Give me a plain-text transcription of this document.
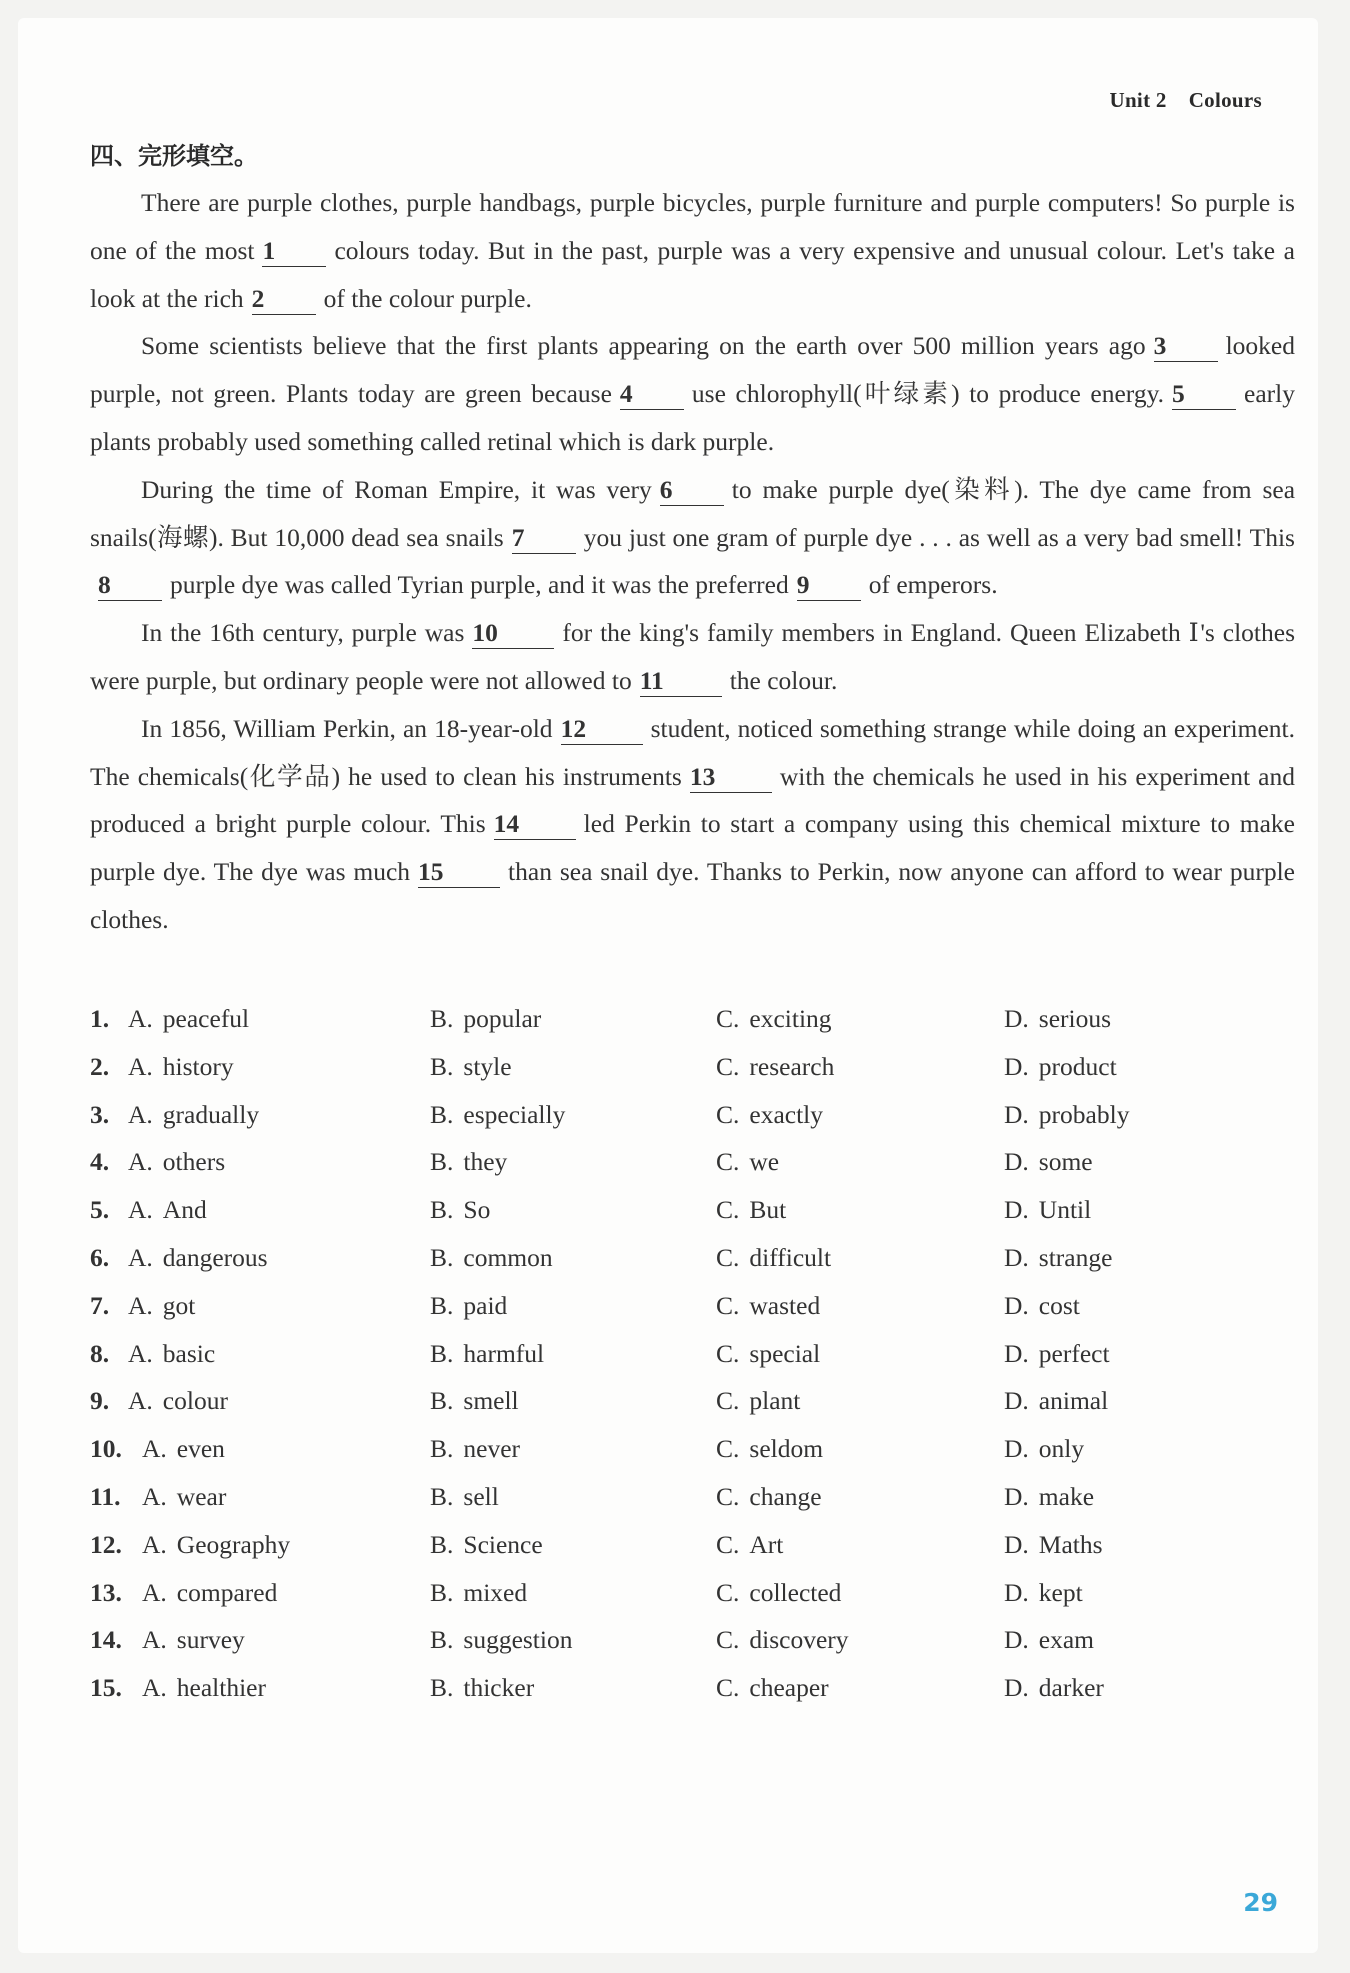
Unit 2 Colours
四、完形填空。

There are purple clothes, purple handbags, purple bicycles, purple furniture and purple computers! So purple is one of the most 1 colours today. But in the past, purple was a very expensive and unusual colour. Let's take a look at the rich 2 of the colour purple.

Some scientists believe that the first plants appearing on the earth over 500 million years ago 3 looked purple, not green. Plants today are green because 4 use chlorophyll(叶绿素) to produce energy. 5 early plants probably used something called retinal which is dark purple.

During the time of Roman Empire, it was very 6 to make purple dye(染料). The dye came from sea snails(海螺). But 10,000 dead sea snails 7 you just one gram of purple dye . . . as well as a very bad smell! This8 purple dye was called Tyrian purple, and it was the preferred 9 of emperors.

In the 16th century, purple was 10	for the king's family members in England. Queen Elizabeth Ⅰ's clothes were purple, but ordinary people were not allowed to 11	the colour.

In 1856, William Perkin, an 18-year-old 12	student, noticed something strange while doing an experiment. The chemicals(化学品) he used to clean his instruments 13	with the chemicals he used in his experiment and produced a bright purple colour. This 14	led Perkin to start a company using this chemical mixture to make purple dye. The dye was much 15	than sea snail dye. Thanks to Perkin, now anyone can afford to wear purple clothes.

1. A. peaceful	B. popular	C. exciting	D. serious
2. A. history	B. style	C. research	D. product
3. A. gradually	B. especially	C. exactly	D. probably
4. A. others	B. they	C. we	D. some
5. A. And	B. So	C. But	D. Until
6. A. dangerous	B. common	C. difficult	D. strange
7. A. got	B. paid	C. wasted	D. cost
8. A. basic	B. harmful	C. special	D. perfect
9. A. colour	B. smell	C. plant	D. animal
10. A. even	B. never	C. seldom	D. only
11. A. wear	B. sell	C. change	D. make
12. A. Geography	B. Science	C. Art	D. Maths
13. A. compared	B. mixed	C. collected	D. kept
14. A. survey	B. suggestion	C. discovery	D. exam
15. A. healthier	B. thicker	C. cheaper	D. darker
29
